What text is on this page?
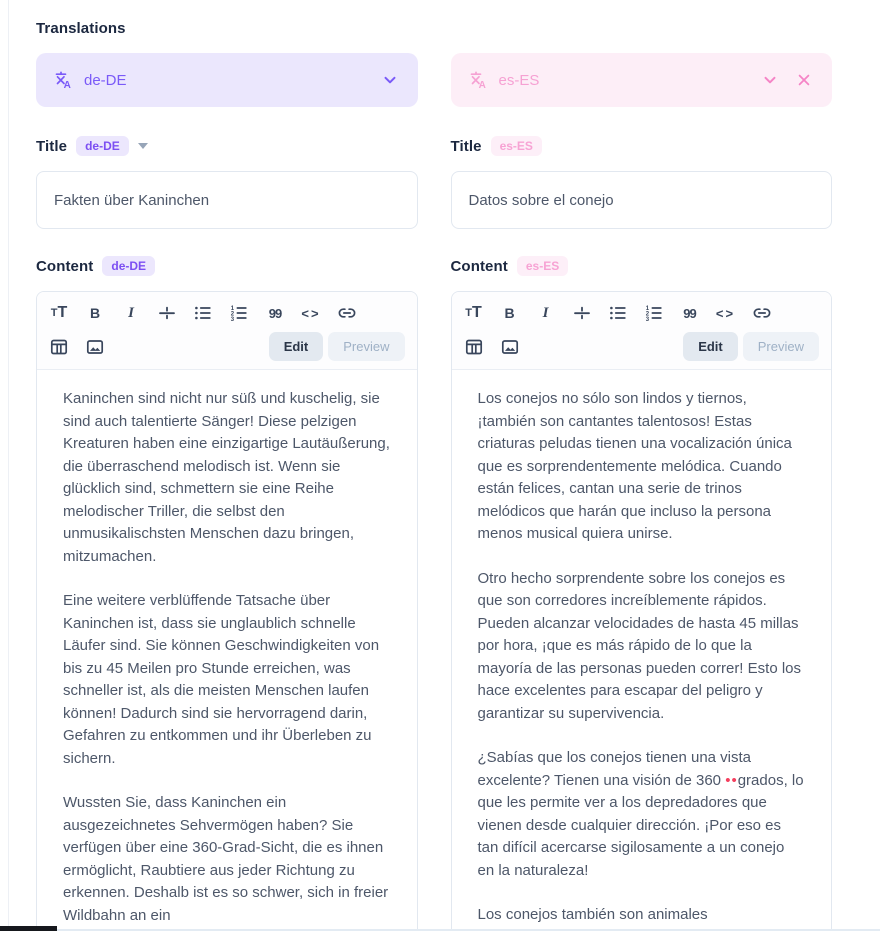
Translations
de-DE	es-ES
Title	de-DE	Title	es-ES
Fakten über Kaninchen
Datos sobre el conejo
Content	de-DE	Content	es-ES
T T	B	I	99 <>
Edit	Preview

Kaninchen sind nicht nur süß und kuschelig, sie sind auch talentierte Sänger! Diese pelzigen Kreaturen haben eine einzigartige Lautäußerung, die überraschend melodisch ist. Wenn sie glücklich sind, schmettern sie eine Reihe melodischer Triller, die selbst den unmusikalischsten Menschen dazu bringen, mitzumachen.

Eine weitere verblüffende Tatsache über Kaninchen ist, dass sie unglaublich schnelle Läufer sind. Sie können Geschwindigkeiten von bis zu 45 Meilen pro Stunde erreichen, was schneller ist, als die meisten Menschen laufen können! Dadurch sind sie hervorragend darin, Gefahren zu entkommen und ihr Überleben zu sichern.

Wussten Sie, dass Kaninchen ein ausgezeichnetes Sehvermögen haben? Sie verfügen über eine 360-Grad-Sicht, die es ihnen ermöglicht, Raubtiere aus jeder Richtung zu erkennen. Deshalb ist es so schwer, sich in freier Wildbahn an ein

T T	B	I	99 <>
Edit	Preview

Los conejos no sólo son lindos y tiernos, ¡también son cantantes talentosos! Estas criaturas peludas tienen una vocalización única que es sorprendentemente melódica. Cuando están felices, cantan una serie de trinos melódicos que harán que incluso la persona menos musical quiera unirse.

Otro hecho sorprendente sobre los conejos es que son corredores increíblemente rápidos. Pueden alcanzar velocidades de hasta 45 millas por hora, ¡que es más rápido de lo que la mayoría de las personas pueden correr! Esto los hace excelentes para escapar del peligro y garantizar su supervivencia.

¿Sabías que los conejos tienen una vista excelente? Tienen una visión de 360 ••grados, lo que les permite ver a los depredadores que vienen desde cualquier dirección. ¡Por eso es tan difícil acercarse sigilosamente a un conejo en la naturaleza!

Los conejos también son animales
